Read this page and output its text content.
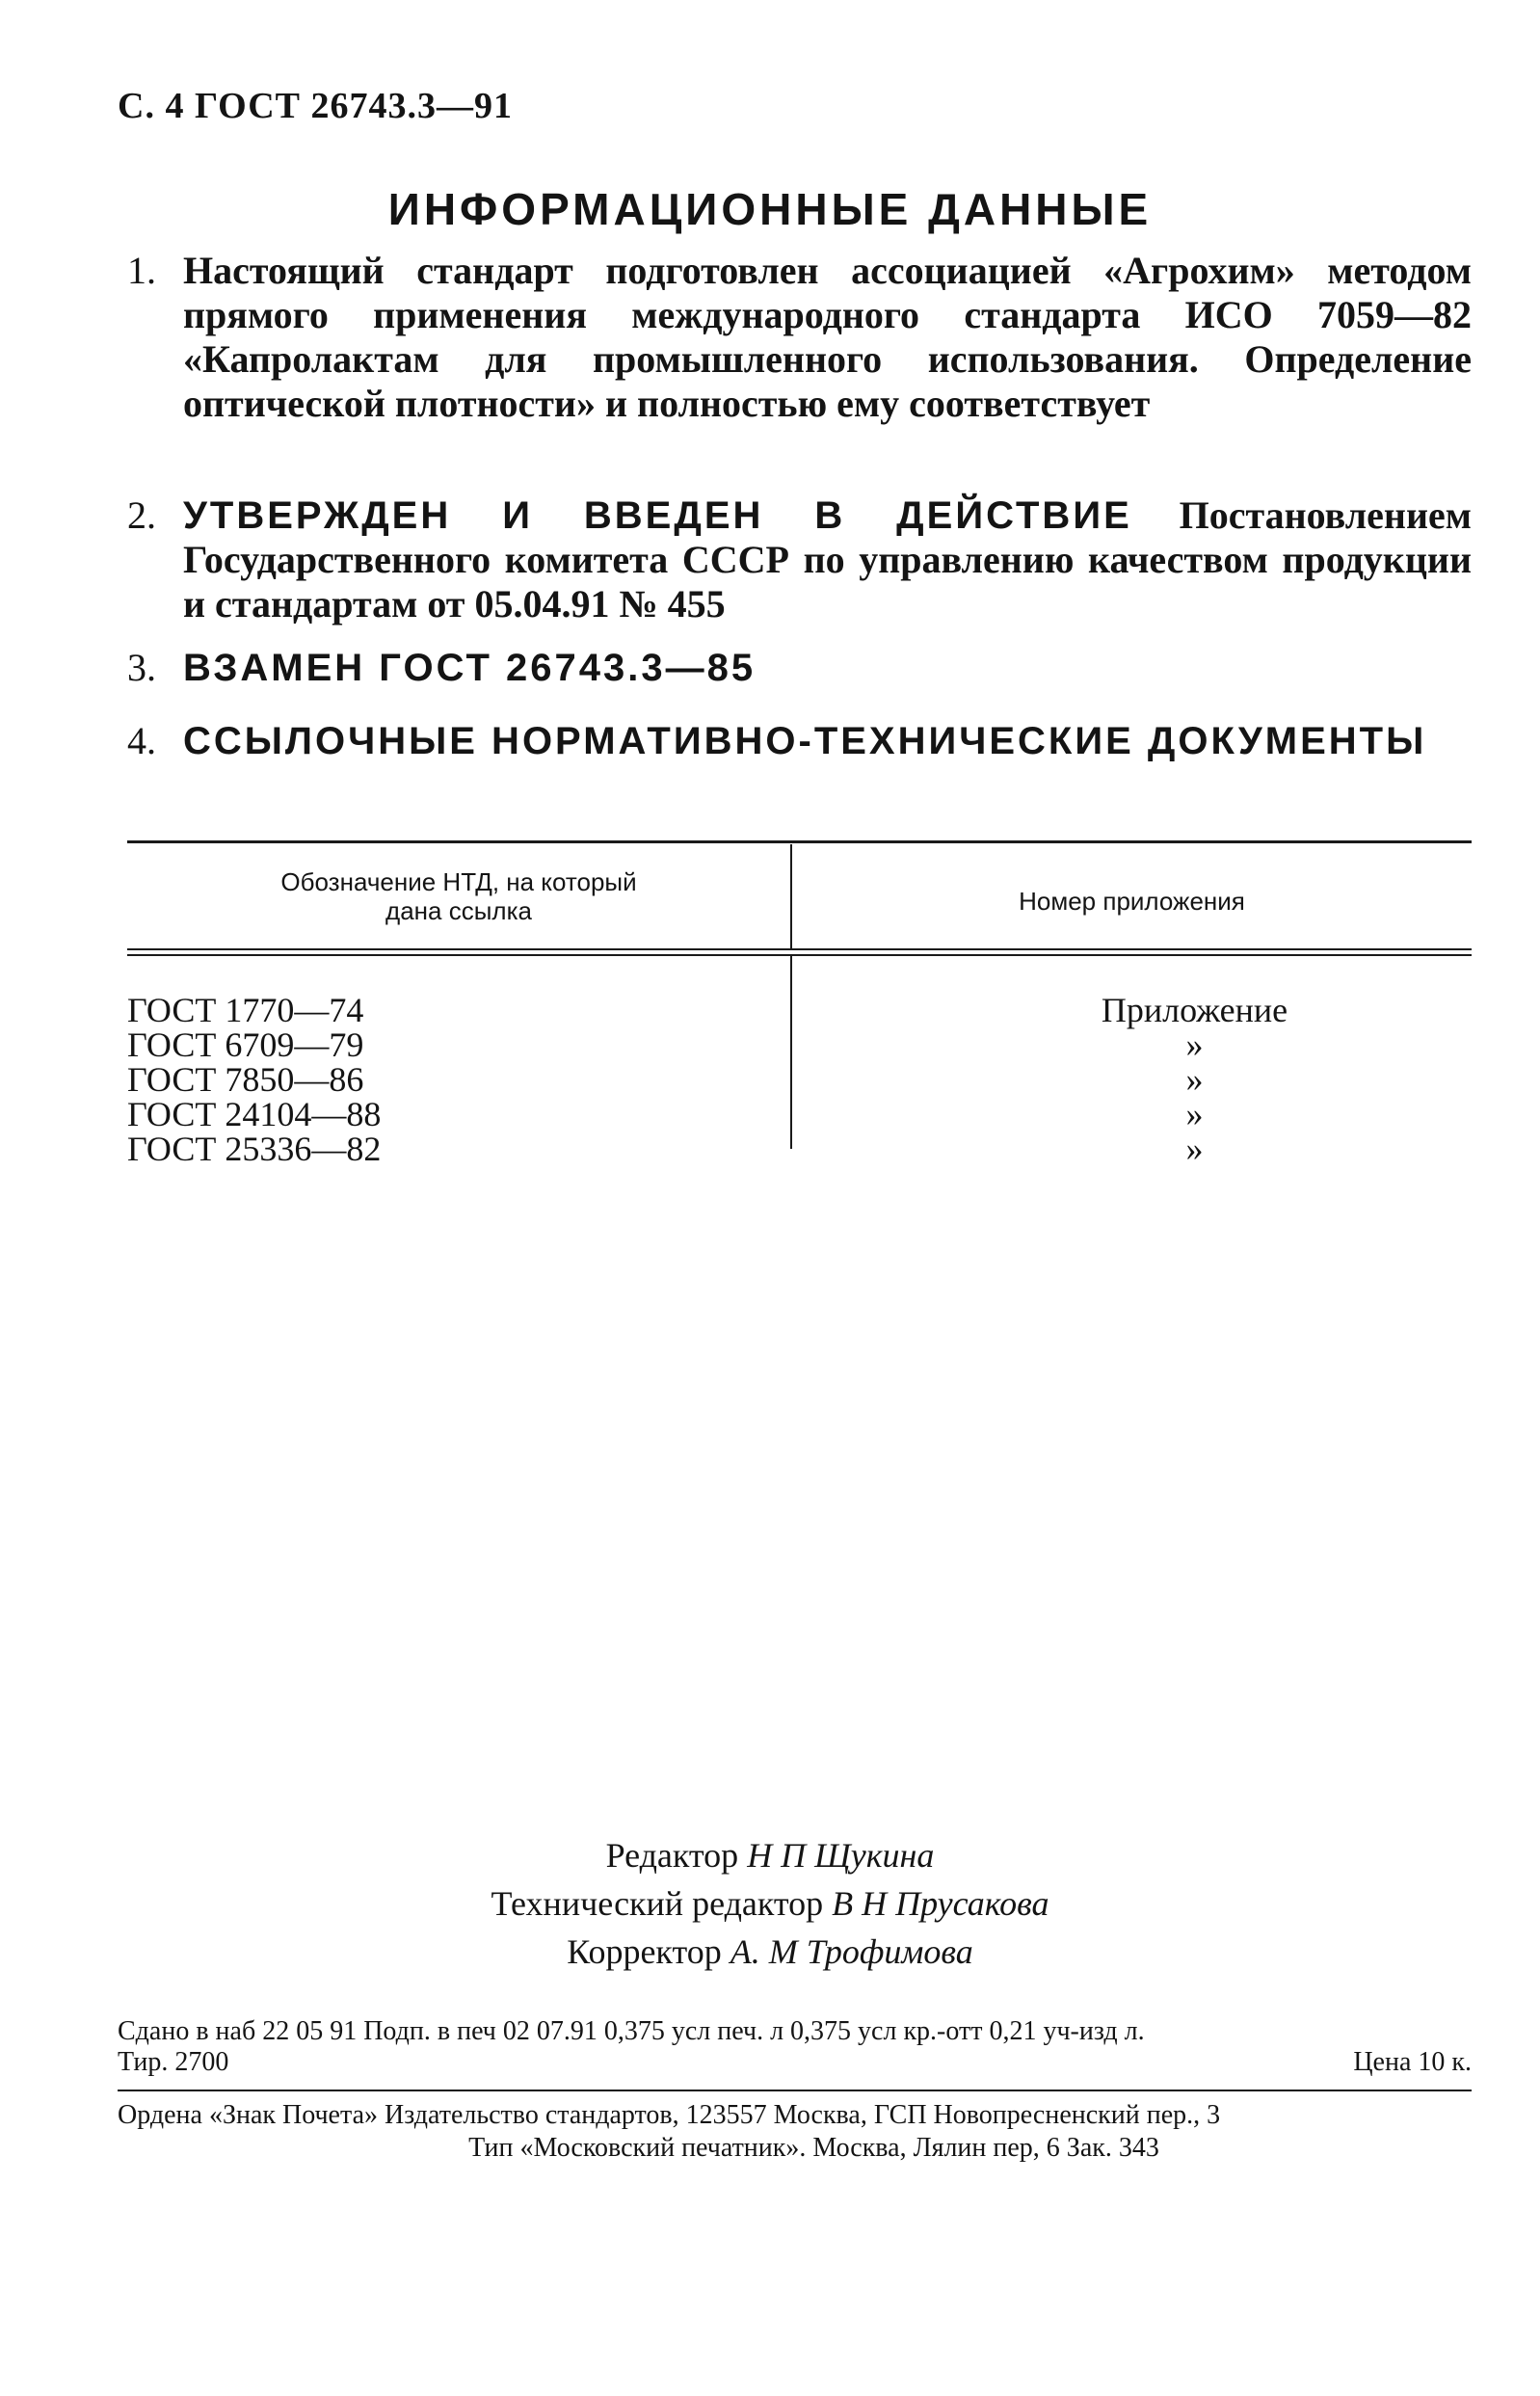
С. 4 ГОСТ 26743.3—91
ИНФОРМАЦИОННЫЕ ДАННЫЕ
1. Настоящий стандарт подготовлен ассоциацией «Агрохим» методом прямого применения международного стандарта ИСО 7059—82 «Капролактам для промышленного использования. Определение оптической плотности» и полностью ему соответствует
2. УТВЕРЖДЕН И ВВЕДЕН В ДЕЙСТВИЕ Постановлением Государственного комитета СССР по управлению качеством продукции и стандартам от 05.04.91 № 455
3. ВЗАМЕН ГОСТ 26743.3—85
4. ССЫЛОЧНЫЕ НОРМАТИВНО-ТЕХНИЧЕСКИЕ ДОКУМЕНТЫ
Обозначение НТД, на который
дана ссылка	Номер приложения
ГОСТ 1770—74	Приложение
ГОСТ 6709—79	»
ГОСТ 7850—86	»
ГОСТ 24104—88	»
ГОСТ 25336—82	»
Редактор Н П Щукина
Технический редактор В Н Прусакова
Корректор А. М Трофимова
Сдано в наб 22 05 91 Подп. в печ 02 07.91 0,375 усл печ. л 0,375 усл кр.-отт 0,21 уч-изд л.
Тир. 2700	Цена 10 к.
Ордена «Знак Почета» Издательство стандартов, 123557 Москва, ГСП Новопресненский пер., 3
Тип «Московский печатник». Москва, Лялин пер, 6 Зак. 343
